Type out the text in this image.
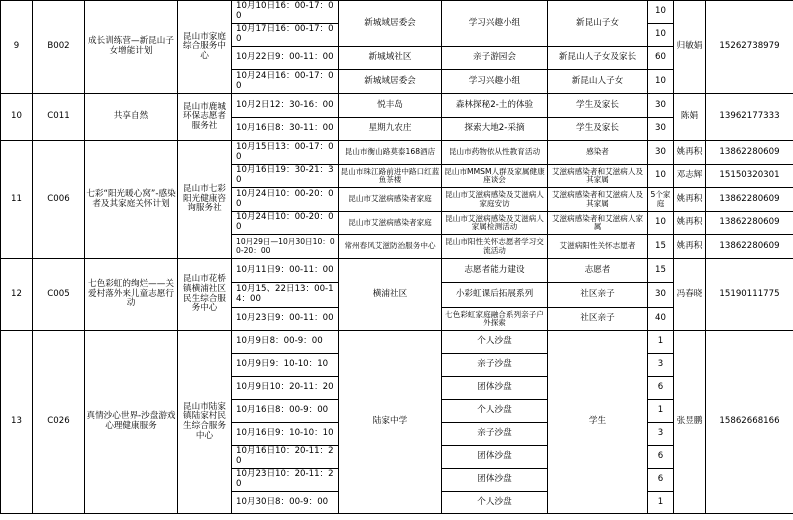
9	B002	成长训练营—新昆山子女增能计划	昆山市家庭综合服务中心	10月10日16：00-17：00	新城域居委会	学习兴趣小组	新昆山子女	10	归敏娟	15262738979
				10月17日16：00-17：00				10		
				10月22日9：00-11：00	新城域社区	亲子游园会	新昆山人子女及家长	60		
				10月24日16：00-17：00	新城域居委会	学习兴趣小组	新昆山人子女	10		
10	C011	共享自然	昆山市鹿城环保志愿者服务社	10月2日12：30-16：00	悦丰岛	森林探秘2-土的体验	学生及家长	30	陈娟	13962177333
				10月16日8：30-11：00	星期九农庄	探索大地2-采摘	学生及家长	30		
11	C006	七彩“阳光暖心窝”-感染者及其家庭关怀计划	昆山市七彩阳光健康咨询服务社	10月15日13：00-17：00	昆山市衡山路莫泰168酒店	昆山市药物依从性教育活动	感染者	30	姚再积	13862280609
				10月16日19：30-21：30	昆山市珠江路前进中路口红蓝鱼茶楼	昆山市MMSM人群及家属健康座谈会	艾滋病感染者和艾滋病人及其家属	10	邓志辉	15150320301
				10月24日10：00-20：00	昆山市艾滋病感染者家庭	昆山市艾滋病感染及艾滋病人家庭安访	艾滋病感染者和艾滋病人及其家属	5个家庭	姚再积	13862280609
				10月24日10：00-20：00	昆山市艾滋病感染者家庭	昆山市艾滋病感染及艾滋病人家属检测活动	艾滋病感染者和艾滋病人家属	10	姚再积	13862280609
				10月29日—10月30日10：00-20：00	常州春风艾滋防治服务中心	昆山市阳性关怀志愿者学习交流活动	艾滋病阳性关怀志愿者	15	姚再积	13862280609
12	C005	七色彩虹的绚烂——关爱村落外来儿童志愿行动	昆山市花桥镇横浦社区民生综合服务中心	10月11日9：00-11：00	横浦社区	志愿者能力建设	志愿者	15	冯春晓	15190111775
				10月15、22日13：00-14：00		小彩虹课后拓展系列	社区亲子	30		
				10月23日9：00-11：00		七色彩虹家庭融合系列亲子户外探索	社区亲子	40		
13	C026	真情沙心世界-沙盘游戏心理健康服务	昆山市陆家镇陆家村民生综合服务中心	10月9日8：00-9：00	陆家中学	个人沙盘	学生	1	张昱鹏	15862668166
				10月9日9：10-10：10		亲子沙盘		3		
				10月9日10：20-11：20		团体沙盘		6		
				10月16日8：00-9：00		个人沙盘		1		
				10月16日9：10-10：10		亲子沙盘		3		
				10月16日10：20-11：20		团体沙盘		6		
				10月23日10：20-11：20		团体沙盘		6		
				10月30日8：00-9：00		个人沙盘		1		
